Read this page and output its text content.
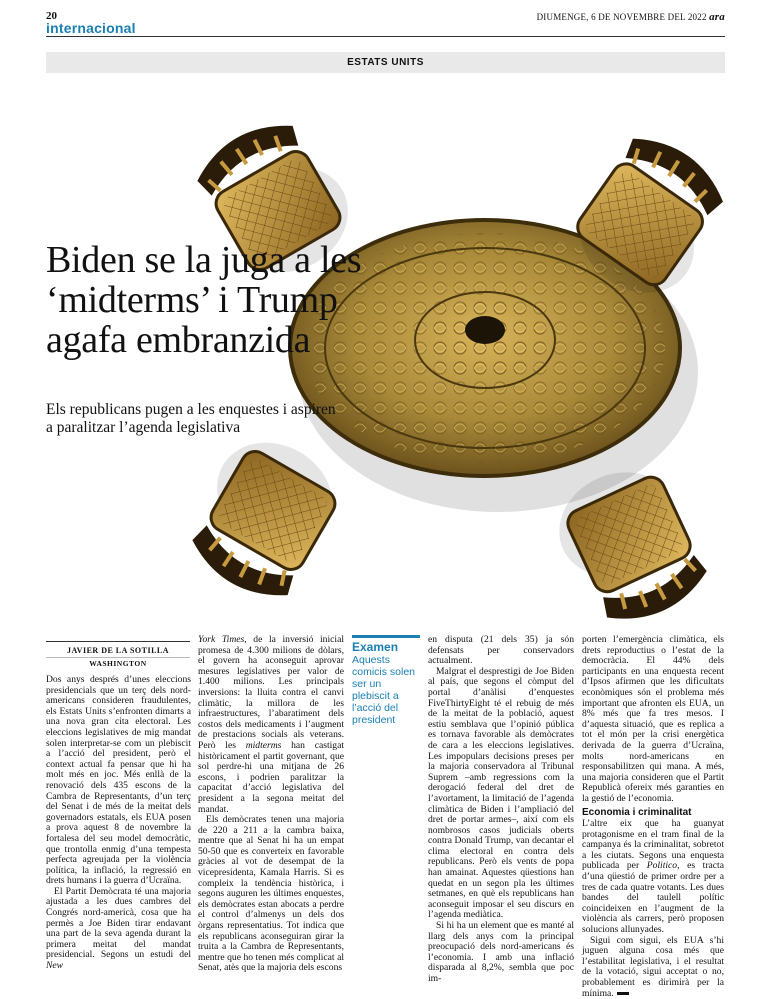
20
internacional
DIUMENGE, 6 DE NOVEMBRE DEL 2022 ara
ESTATS UNITS
Biden se la juga a les ‘midterms’ i Trump agafa embranzida
Els republicans pugen a les enquestes i aspiren a paralitzar l’agenda legislativa
JAVIER DE LA SOTILLA
WASHINGTON

Dos anys després d’unes eleccions presidencials que un terç dels nord-americans consideren fraudulentes, els Estats Units s’enfronten dimarts a una nova gran cita electoral. Les eleccions legislatives de mig mandat solen interpretar-se com un plebiscit a l’acció del president, però el context actual fa pensar que hi ha molt més en joc. Més enllà de la renovació dels 435 escons de la Cambra de Representants, d’un terç del Senat i de més de la meitat dels governadors estatals, els EUA posen a prova aquest 8 de novembre la fortalesa del seu model democràtic, que trontolla enmig d’una tempesta perfecta agreujada per la violència política, la inflació, la regressió en drets humans i la guerra d’Ucraïna.

El Partit Demòcrata té una majoria ajustada a les dues cambres del Congrés nord-americà, cosa que ha permès a Joe Biden tirar endavant una part de la seva agenda durant la primera meitat del mandat presidencial. Segons un estudi del New

York Times, de la inversió inicial promesa de 4.300 milions de dòlars, el govern ha aconseguit aprovar mesures legislatives per valor de 1.400 milions. Les principals inversions: la lluita contra el canvi climàtic, la millora de les infraestructures, l’abaratiment dels costos dels medicaments i l’augment de prestacions socials als veterans. Però les midterms han castigat històricament el partit governant, que sol perdre-hi una mitjana de 26 escons, i podrien paralitzar la capacitat d’acció legislativa del president a la segona meitat del mandat.

Els demòcrates tenen una majoria de 220 a 211 a la cambra baixa, mentre que al Senat hi ha un empat 50-50 que es converteix en favorable gràcies al vot de desempat de la vicepresidenta, Kamala Harris. Si es compleix la tendència històrica, i segons auguren les últimes enquestes, els demòcrates estan abocats a perdre el control d’almenys un dels dos òrgans representatius. Tot indica que els republicans aconseguiran girar la truita a la Cambra de Representants, mentre que ho tenen més complicat al Senat, atès que la majoria dels escons

Examen
Aquests comicis solen ser un plebiscit a l’acció del president

en disputa (21 dels 35) ja són defensats per conservadors actualment.

Malgrat el desprestigi de Joe Biden al país, que segons el còmput del portal d’anàlisi d’enquestes FiveThirtyEight té el rebuig de més de la meitat de la població, aquest estiu semblava que l’opinió pública es tornava favorable als demòcrates de cara a les eleccions legislatives. Les impopulars decisions preses per la majoria conservadora al Tribunal Suprem –amb regressions com la derogació federal del dret de l’avortament, la limitació de l’agenda climàtica de Biden i l’ampliació del dret de portar armes–, així com els nombrosos casos judicials oberts contra Donald Trump, van decantar el clima electoral en contra dels republicans. Però els vents de popa han amainat. Aquestes qüestions han quedat en un segon pla les últimes setmanes, en què els republicans han aconseguit imposar el seu discurs en l’agenda mediàtica.

Si hi ha un element que es manté al llarg dels anys com la principal preocupació dels nord-americans és l’economia. I amb una inflació disparada al 8,2%, sembla que poc im-

porten l’emergència climàtica, els drets reproductius o l’estat de la democràcia. El 44% dels participants en una enquesta recent d’Ipsos afirmen que les dificultats econòmiques són el problema més important que afronten els EUA, un 8% més que fa tres mesos. I d’aquesta situació, que es replica a tot el món per la crisi energètica derivada de la guerra d’Ucraïna, molts nord-americans en responsabilitzen qui mana. A més, una majoria consideren que el Partit Republicà ofereix més garanties en la gestió de l’economia.

Economia i criminalitat

L’altre eix que ha guanyat protagonisme en el tram final de la campanya és la criminalitat, sobretot a les ciutats. Segons una enquesta publicada per Politico, es tracta d’una qüestió de primer ordre per a tres de cada quatre votants. Les dues bandes del taulell polític coincideixen en l’augment de la violència als carrers, però proposen solucions allunyades.

Sigui com sigui, els EUA s’hi juguen alguna cosa més que l’estabilitat legislativa, i el resultat de la votació, sigui acceptat o no, probablement es dirimirà per la mínima.
